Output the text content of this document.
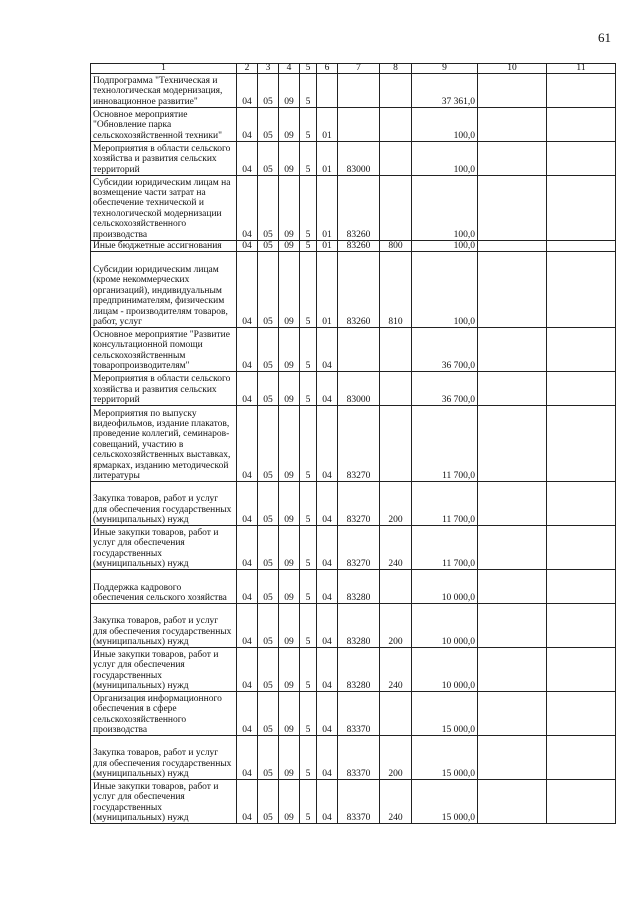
61
1	2	3	4	5	6	7	8	9	10	11
Подпрограмма "Техническая и технологическая модернизация, инновационное развитие"	04	05	09	5				37 361,0		
Основное мероприятие "Обновление парка сельскохозяйственной техники"	04	05	09	5	01			100,0		
Мероприятия в области сельского хозяйства и развития сельских территорий	04	05	09	5	01	83000		100,0		
Субсидии юридическим лицам на возмещение части затрат на обеспечение технической и технологической модернизации сельскохозяйственного производства	04	05	09	5	01	83260		100,0		
Иные бюджетные ассигнования	04	05	09	5	01	83260	800	100,0		
Субсидии юридическим лицам (кроме некоммерческих организаций), индивидуальным предпринимателям, физическим лицам - производителям товаров, работ, услуг	04	05	09	5	01	83260	810	100,0		
Основное мероприятие "Развитие консультационной помощи сельскохозяйственным товаропроизводителям"	04	05	09	5	04			36 700,0		
Мероприятия в области сельского хозяйства и развития сельских территорий	04	05	09	5	04	83000		36 700,0		
Мероприятия по выпуску видеофильмов, издание плакатов, проведение коллегий, семинаров-совещаний, участию в сельскохозяйственных выставках, ярмарках, изданию методической литературы	04	05	09	5	04	83270		11 700,0		
Закупка товаров, работ и услуг для обеспечения государственных (муниципальных) нужд	04	05	09	5	04	83270	200	11 700,0		
Иные закупки товаров, работ и услуг для обеспечения государственных (муниципальных) нужд	04	05	09	5	04	83270	240	11 700,0		
Поддержка кадрового обеспечения сельского хозяйства	04	05	09	5	04	83280		10 000,0		
Закупка товаров, работ и услуг для обеспечения государственных (муниципальных) нужд	04	05	09	5	04	83280	200	10 000,0		
Иные закупки товаров, работ и услуг для обеспечения государственных (муниципальных) нужд	04	05	09	5	04	83280	240	10 000,0		
Организация информационного обеспечения в сфере сельскохозяйственного производства	04	05	09	5	04	83370		15 000,0		
Закупка товаров, работ и услуг для обеспечения государственных (муниципальных) нужд	04	05	09	5	04	83370	200	15 000,0		
Иные закупки товаров, работ и услуг для обеспечения государственных (муниципальных) нужд	04	05	09	5	04	83370	240	15 000,0		
